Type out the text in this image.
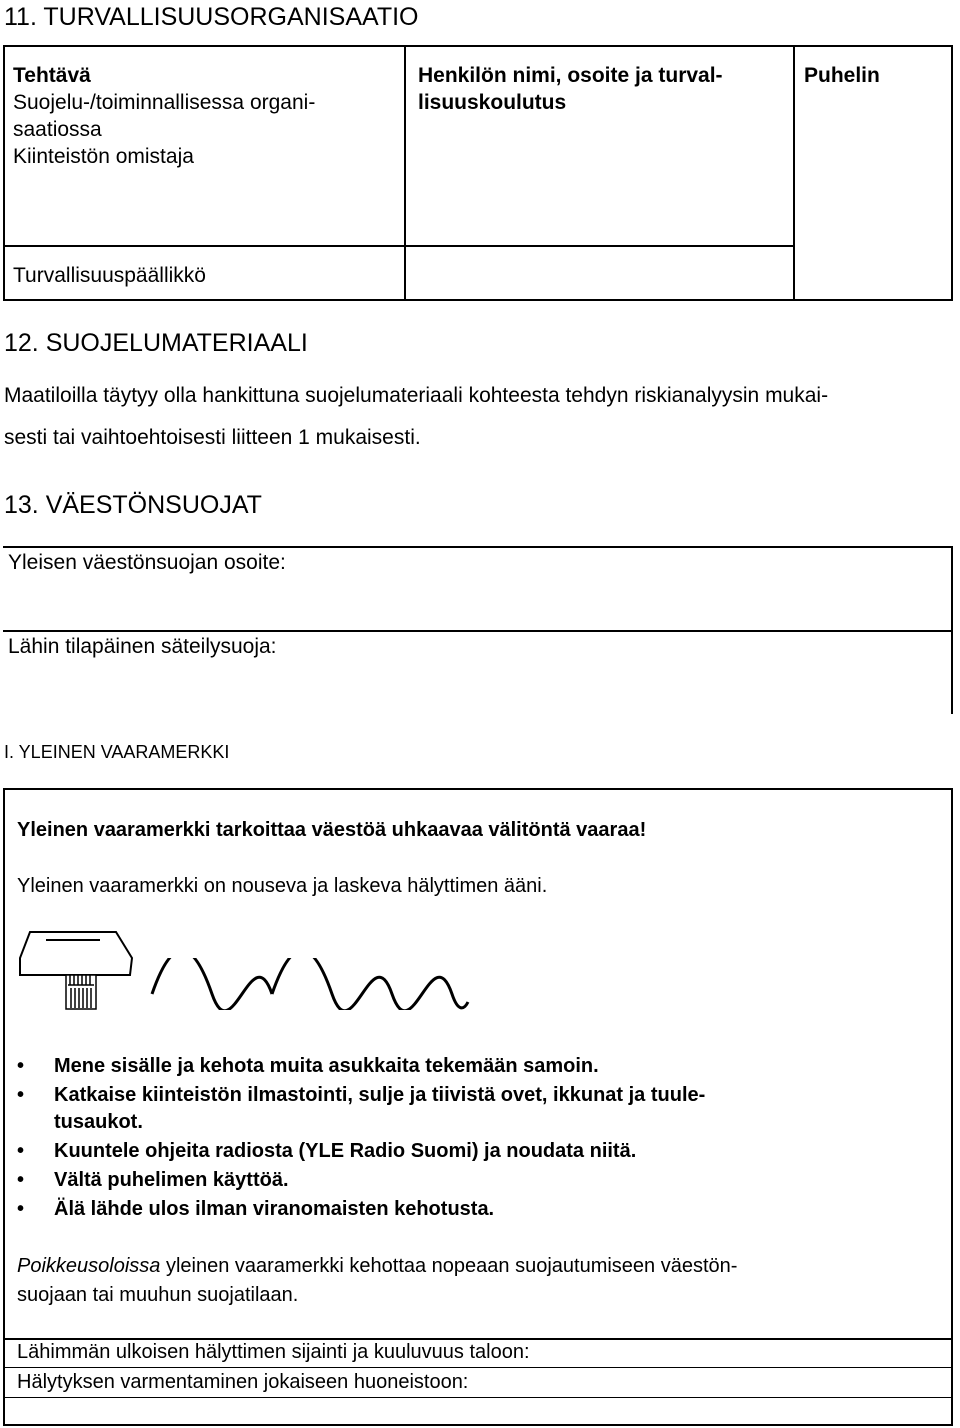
11. TURVALLISUUSORGANISAATIO
Tehtävä
Suojelu-/toiminnallisessa organi-
saatiossa
Kiinteistön omistaja
Henkilön nimi, osoite ja turval-
lisuuskoulutus
Puhelin
Turvallisuuspäällikkö
12. SUOJELUMATERIAALI
Maatiloilla täytyy olla hankittuna suojelumateriaali kohteesta tehdyn riskianalyysin mukai-
sesti tai vaihtoehtoisesti liitteen 1 mukaisesti.
13. VÄESTÖNSUOJAT
Yleisen väestönsuojan osoite:
Lähin tilapäinen säteilysuoja:
I. YLEINEN VAARAMERKKI
Yleinen vaaramerkki tarkoittaa väestöä uhkaavaa välitöntä vaaraa!
Yleinen vaaramerkki on nouseva ja laskeva hälyttimen ääni.
• Mene sisälle ja kehota muita asukkaita tekemään samoin.
• Katkaise kiinteistön ilmastointi, sulje ja tiivistä ovet, ikkunat ja tuule-
tusaukot.
• Kuuntele ohjeita radiosta (YLE Radio Suomi) ja noudata niitä.
• Vältä puhelimen käyttöä.
• Älä lähde ulos ilman viranomaisten kehotusta.
Poikkeusoloissa yleinen vaaramerkki kehottaa nopeaan suojautumiseen väestön-
suojaan tai muuhun suojatilaan.
Lähimmän ulkoisen hälyttimen sijainti ja kuuluvuus taloon:
Hälytyksen varmentaminen jokaiseen huoneistoon:
